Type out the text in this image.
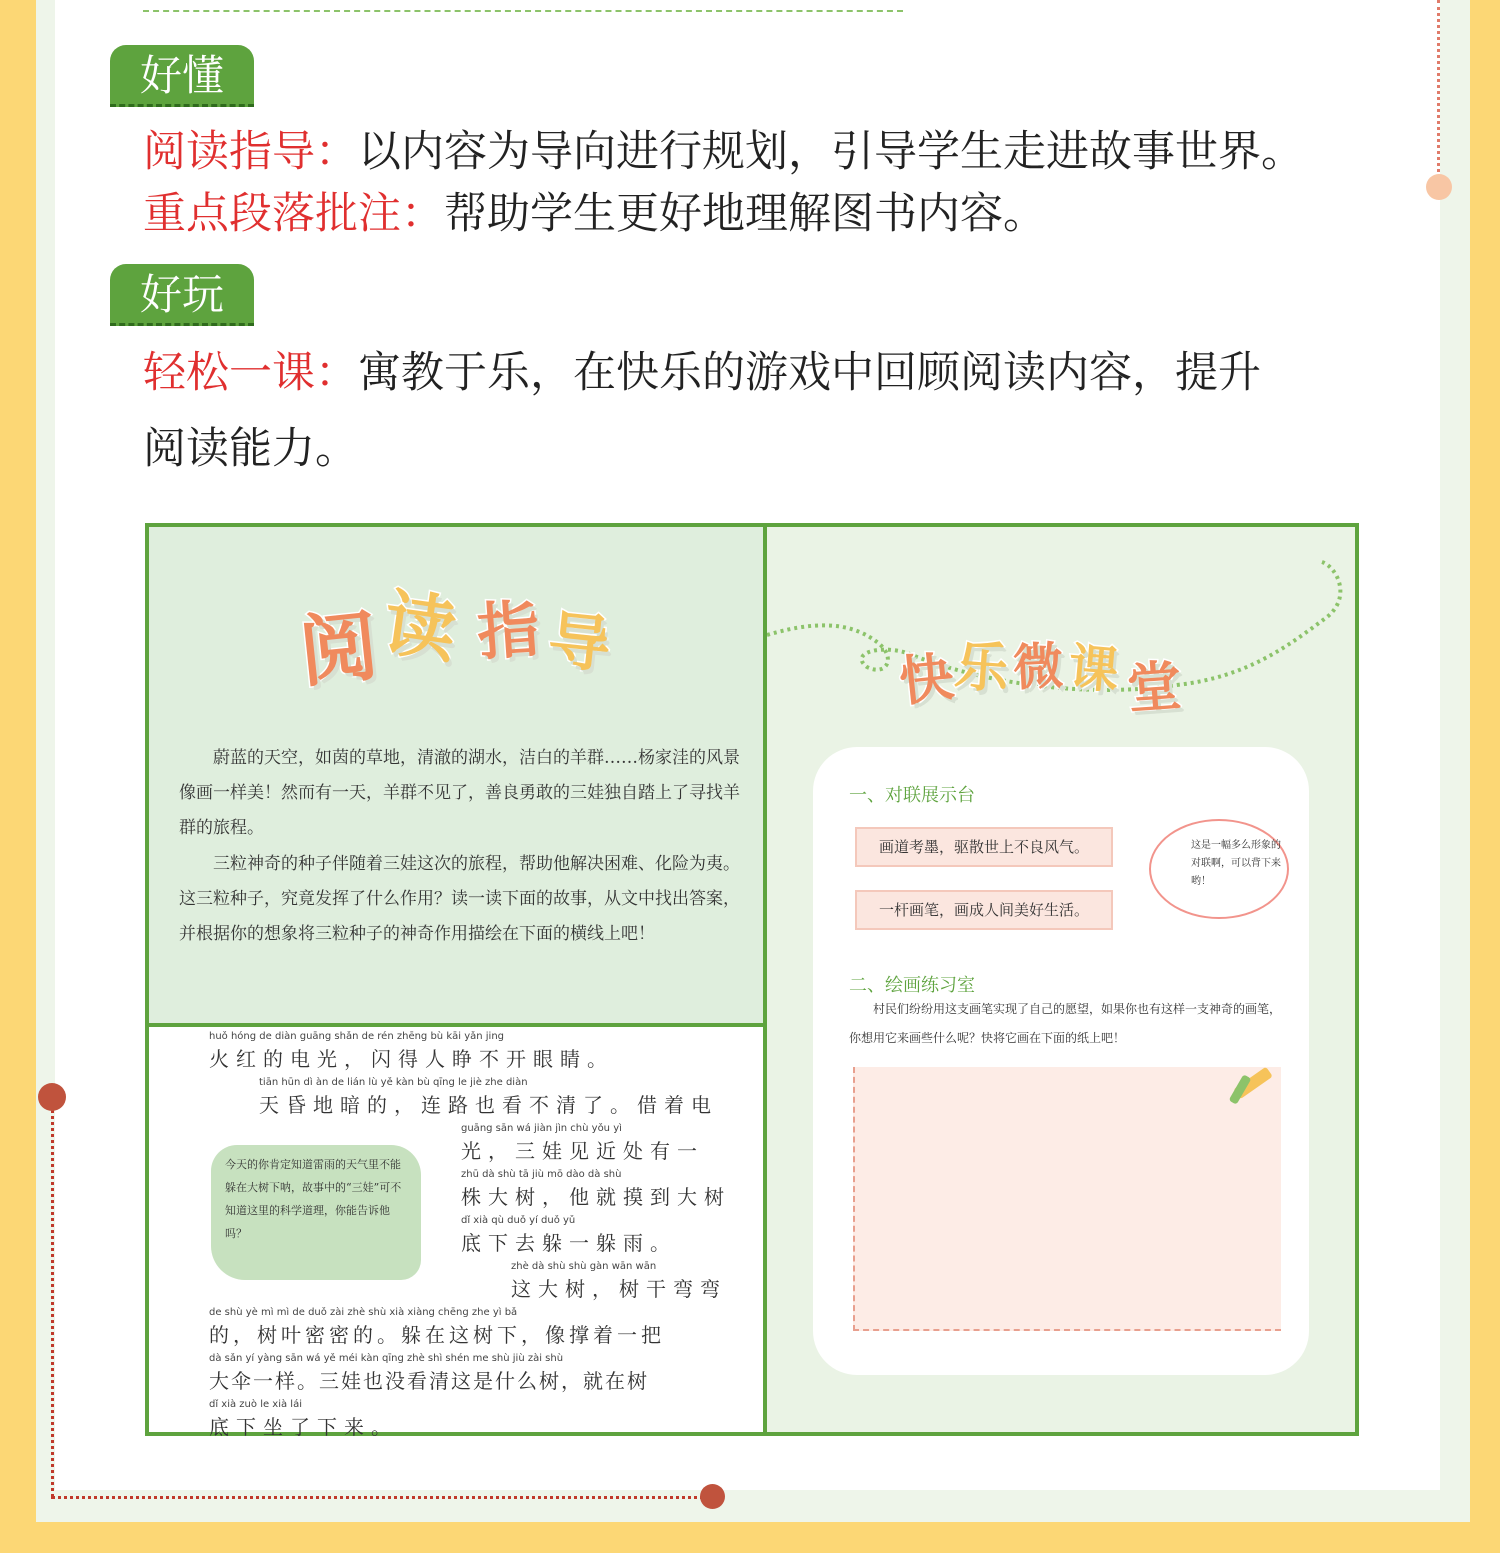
好懂
阅读指导：以内容为导向进行规划，引导学生走进故事世界。
重点段落批注：帮助学生更好地理解图书内容。
好玩
轻松一课：寓教于乐，在快乐的游戏中回顾阅读内容，提升
阅读能力。
阅
读 指 导

蔚蓝的天空，如茵的草地，清澈的湖水，洁白的羊群……杨家洼的风景像画一样美！然而有一天，羊群不见了，善良勇敢的三娃独自踏上了寻找羊群的旅程。

三粒神奇的种子伴随着三娃这次的旅程，帮助他解决困难、化险为夷。这三粒种子，究竟发挥了什么作用？读一读下面的故事，从文中找出答案，并根据你的想象将三粒种子的神奇作用描绘在下面的横线上吧！

huǒ hóng de diàn guāng shǎn de rén zhēng bù kāi yǎn jing
火红的电光，闪得人睁不开眼睛。
tiān hūn dì àn de lián lù yě kàn bù qīng le jiè zhe diàn
天昏地暗的，连路也看不清了。借着电
guāng sān wá jiàn jìn chù yǒu yì
光，三娃见近处有一
zhū dà shù tā jiù mō dào dà shù
株大树，他就摸到大树
dǐ xià qù duǒ yí duǒ yǔ
底下去躲一躲雨。
zhè dà shù shù gàn wān wān
这大树，树干弯弯
de shù yè mì mì de duǒ zài zhè shù xià xiàng chēng zhe yì bǎ
的，树叶密密的。躲在这树下，像撑着一把
dà sǎn yí yàng sān wá yě méi kàn qīng zhè shì shén me shù jiù zài shù
大伞一样。三娃也没看清这是什么树，就在树
dǐ xià zuò le xià lái
底下坐了下来。
今天的你肯定知道雷雨的天气里不能躲在大树下呐，故事中的“三娃”可不知道这里的科学道理，你能告诉他吗？
快
乐 微 课 堂
一、对联展示台
画道考墨，驱散世上不良风气。
一杆画笔，画成人间美好生活。
这是一幅多么形象的对联啊，可以背下来哟！
二、绘画练习室

村民们纷纷用这支画笔实现了自己的愿望，如果你也有这样一支神奇的画笔，你想用它来画些什么呢？快将它画在下面的纸上吧！
